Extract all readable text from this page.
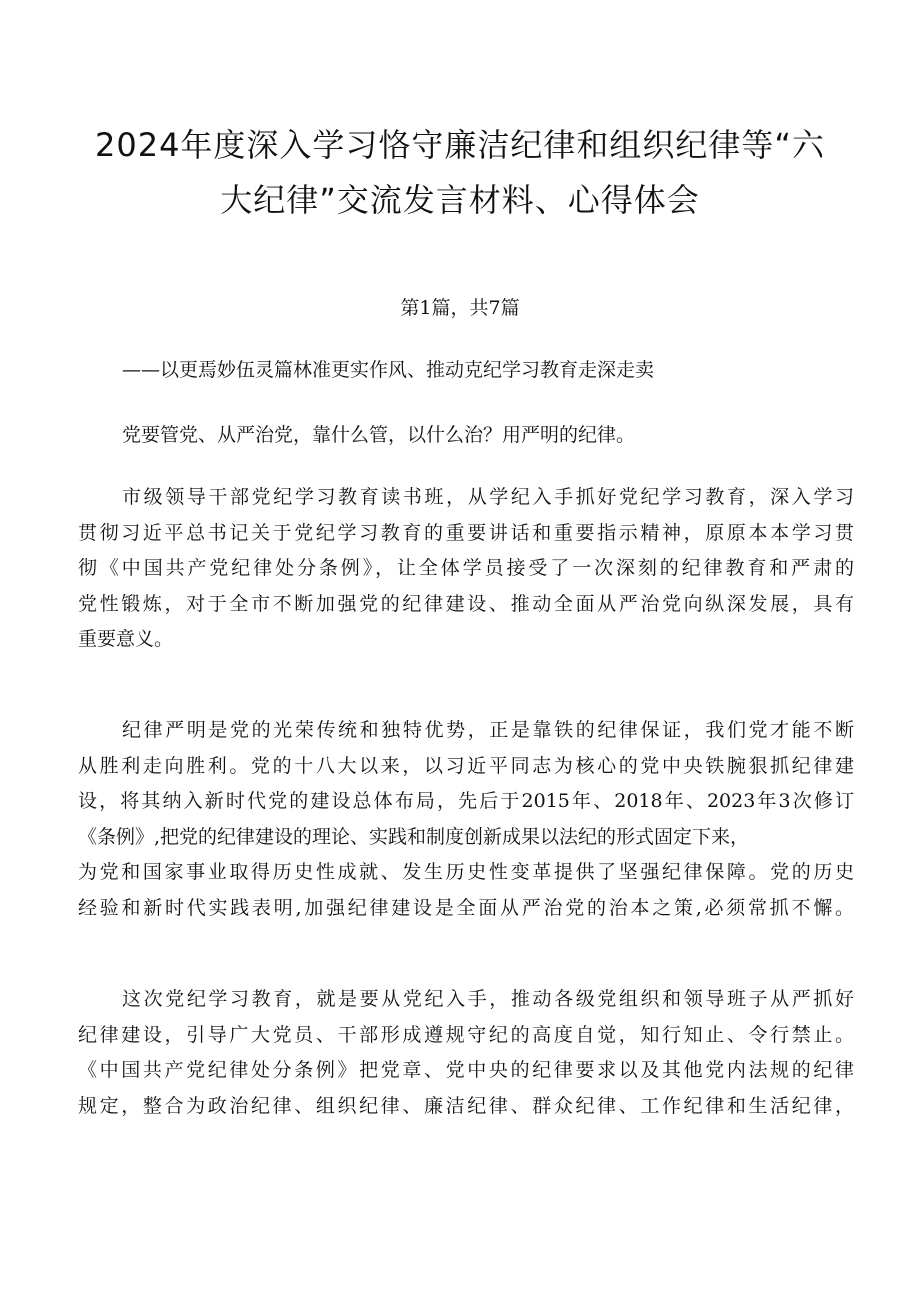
2024年度深入学习恪守廉洁纪律和组织纪律等“六
大纪律”交流发言材料、心得体会
第1篇，共7篇
——以更焉妙伍灵篇林准更实作风、推动克纪学习教育走深走卖
党要管党、从严治党，靠什么管，以什么治？用严明的纪律。
市级领导干部党纪学习教育读书班，从学纪入手抓好党纪学习教育，深入学习
贯彻习近平总书记关于党纪学习教育的重要讲话和重要指示精神，原原本本学习贯
彻《中国共产党纪律处分条例》，让全体学员接受了一次深刻的纪律教育和严肃的
党性锻炼，对于全市不断加强党的纪律建设、推动全面从严治党向纵深发展，具有
重要意义。
纪律严明是党的光荣传统和独特优势，正是靠铁的纪律保证，我们党才能不断
从胜利走向胜利。党的十八大以来，以习近平同志为核心的党中央铁腕狠抓纪律建
设，将其纳入新时代党的建设总体布局，先后于2015年、2018年、2023年3次修订
《条例》,把党的纪律建设的理论、实践和制度创新成果以法纪的形式固定下来，
为党和国家事业取得历史性成就、发生历史性变革提供了坚强纪律保障。党的历史
经验和新时代实践表明,加强纪律建设是全面从严治党的治本之策,必须常抓不懈。
这次党纪学习教育，就是要从党纪入手，推动各级党组织和领导班子从严抓好
纪律建设，引导广大党员、干部形成遵规守纪的高度自觉，知行知止、令行禁止。
《中国共产党纪律处分条例》把党章、党中央的纪律要求以及其他党内法规的纪律
规定，整合为政治纪律、组织纪律、廉洁纪律、群众纪律、工作纪律和生活纪律，
